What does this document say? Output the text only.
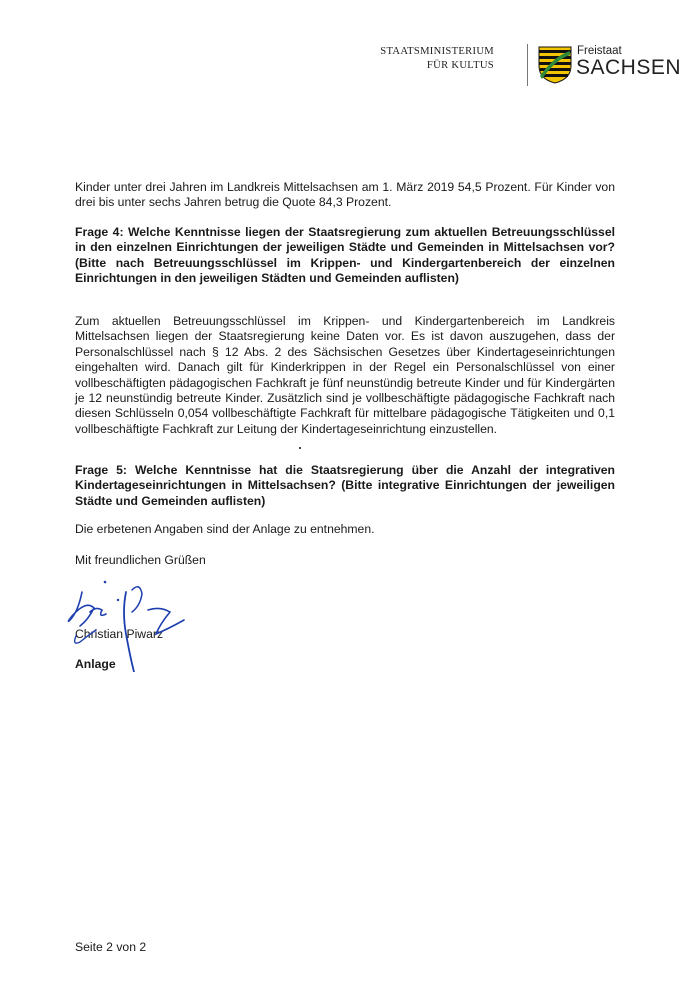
STAATSMINISTERIUM
FÜR KULTUS
Freistaat
SACHSEN
Kinder unter drei Jahren im Landkreis Mittelsachsen am 1. März 2019 54,5 Prozent. Für Kinder von drei bis unter sechs Jahren betrug die Quote 84,3 Prozent.
Frage 4: Welche Kenntnisse liegen der Staatsregierung zum aktuellen Betreuungsschlüssel in den einzelnen Einrichtungen der jeweiligen Städte und Gemeinden in Mittelsachsen vor? (Bitte nach Betreuungsschlüssel im Krippen- und Kindergartenbereich der einzelnen Einrichtungen in den jeweiligen Städten und Gemeinden auflisten)
Zum aktuellen Betreuungsschlüssel im Krippen- und Kindergartenbereich im Landkreis Mittelsachsen liegen der Staatsregierung keine Daten vor. Es ist davon auszugehen, dass der Personalschlüssel nach § 12 Abs. 2 des Sächsischen Gesetzes über Kindertageseinrichtungen eingehalten wird. Danach gilt für Kinderkrippen in der Regel ein Personalschlüssel von einer vollbeschäftigten pädagogischen Fachkraft je fünf neunstündig betreute Kinder und für Kindergärten je 12 neunstündig betreute Kinder. Zusätzlich sind je vollbeschäftigte pädagogische Fachkraft nach diesen Schlüsseln 0,054 vollbeschäftigte Fachkraft für mittelbare pädagogische Tätigkeiten und 0,1 vollbeschäftigte Fachkraft zur Leitung der Kindertageseinrichtung einzustellen.
Frage 5: Welche Kenntnisse hat die Staatsregierung über die Anzahl der integrativen Kindertageseinrichtungen in Mittelsachsen? (Bitte integrative Einrichtungen der jeweiligen Städte und Gemeinden auflisten)
Die erbetenen Angaben sind der Anlage zu entnehmen.
Mit freundlichen Grüßen
Christian Piwarz
Anlage
Seite 2 von 2
